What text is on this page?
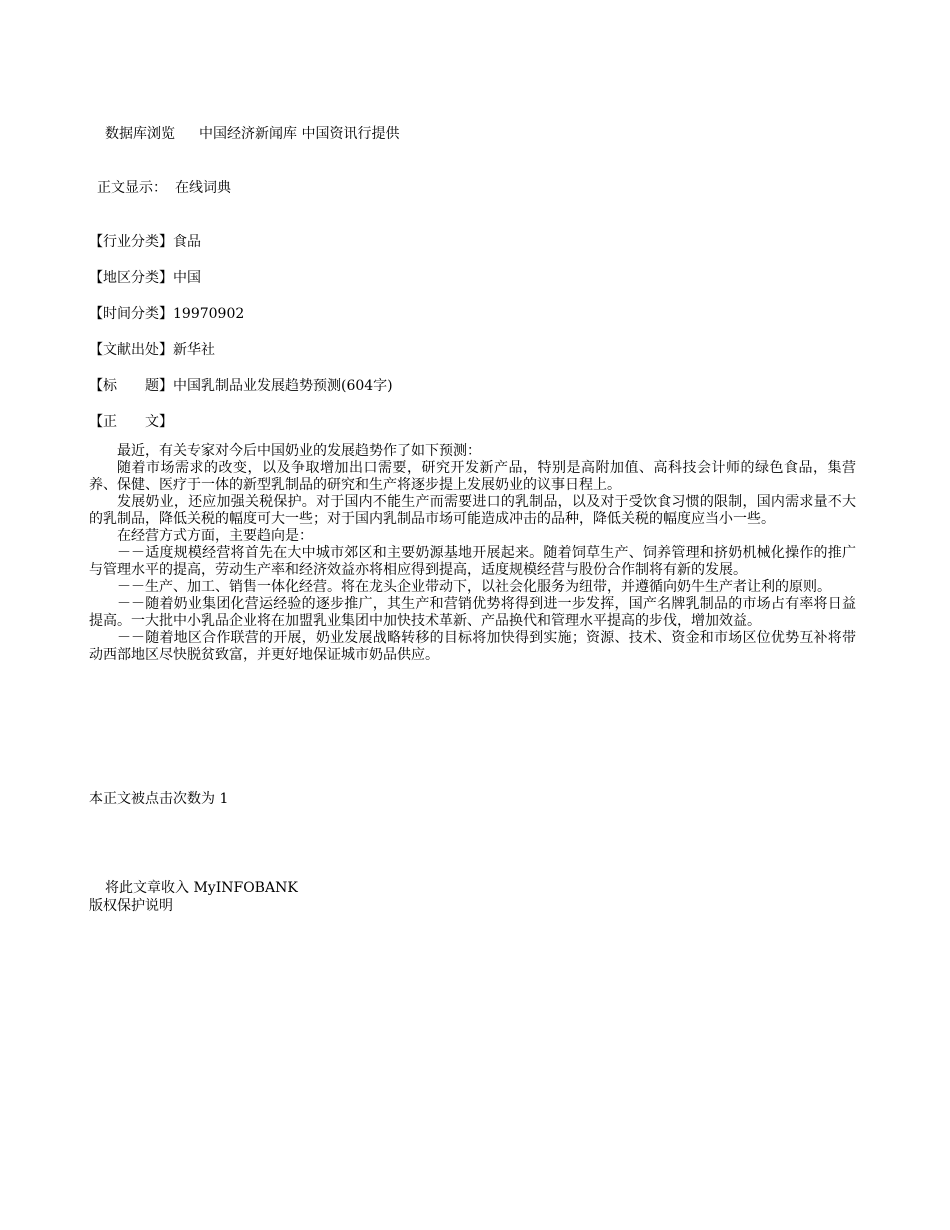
数据库浏览 中国经济新闻库 中国资讯行提供
正文显示： 在线词典
【行业分类】食品
【地区分类】中国
【时间分类】19970902
【文献出处】新华社
【标　　题】中国乳制品业发展趋势预测(604字)
【正　　文】

最近，有关专家对今后中国奶业的发展趋势作了如下预测：

随着市场需求的改变，以及争取增加出口需要，研究开发新产品，特别是高附加值、高科技会计师的绿色食品，集营养、保健、医疗于一体的新型乳制品的研究和生产将逐步提上发展奶业的议事日程上。

发展奶业，还应加强关税保护。对于国内不能生产而需要进口的乳制品，以及对于受饮食习惯的限制，国内需求量不大的乳制品，降低关税的幅度可大一些；对于国内乳制品市场可能造成冲击的品种，降低关税的幅度应当小一些。

在经营方式方面，主要趋向是：

－－适度规模经营将首先在大中城市郊区和主要奶源基地开展起来。随着饲草生产、饲养管理和挤奶机械化操作的推广与管理水平的提高，劳动生产率和经济效益亦将相应得到提高，适度规模经营与股份合作制将有新的发展。

－－生产、加工、销售一体化经营。将在龙头企业带动下，以社会化服务为纽带，并遵循向奶牛生产者让利的原则。

－－随着奶业集团化营运经验的逐步推广，其生产和营销优势将得到进一步发挥，国产名牌乳制品的市场占有率将日益提高。一大批中小乳品企业将在加盟乳业集团中加快技术革新、产品换代和管理水平提高的步伐，增加效益。

－－随着地区合作联营的开展，奶业发展战略转移的目标将加快得到实施；资源、技术、资金和市场区位优势互补将带动西部地区尽快脱贫致富，并更好地保证城市奶品供应。

本正文被点击次数为 1
将此文章收入 MyINFOBANK
版权保护说明
